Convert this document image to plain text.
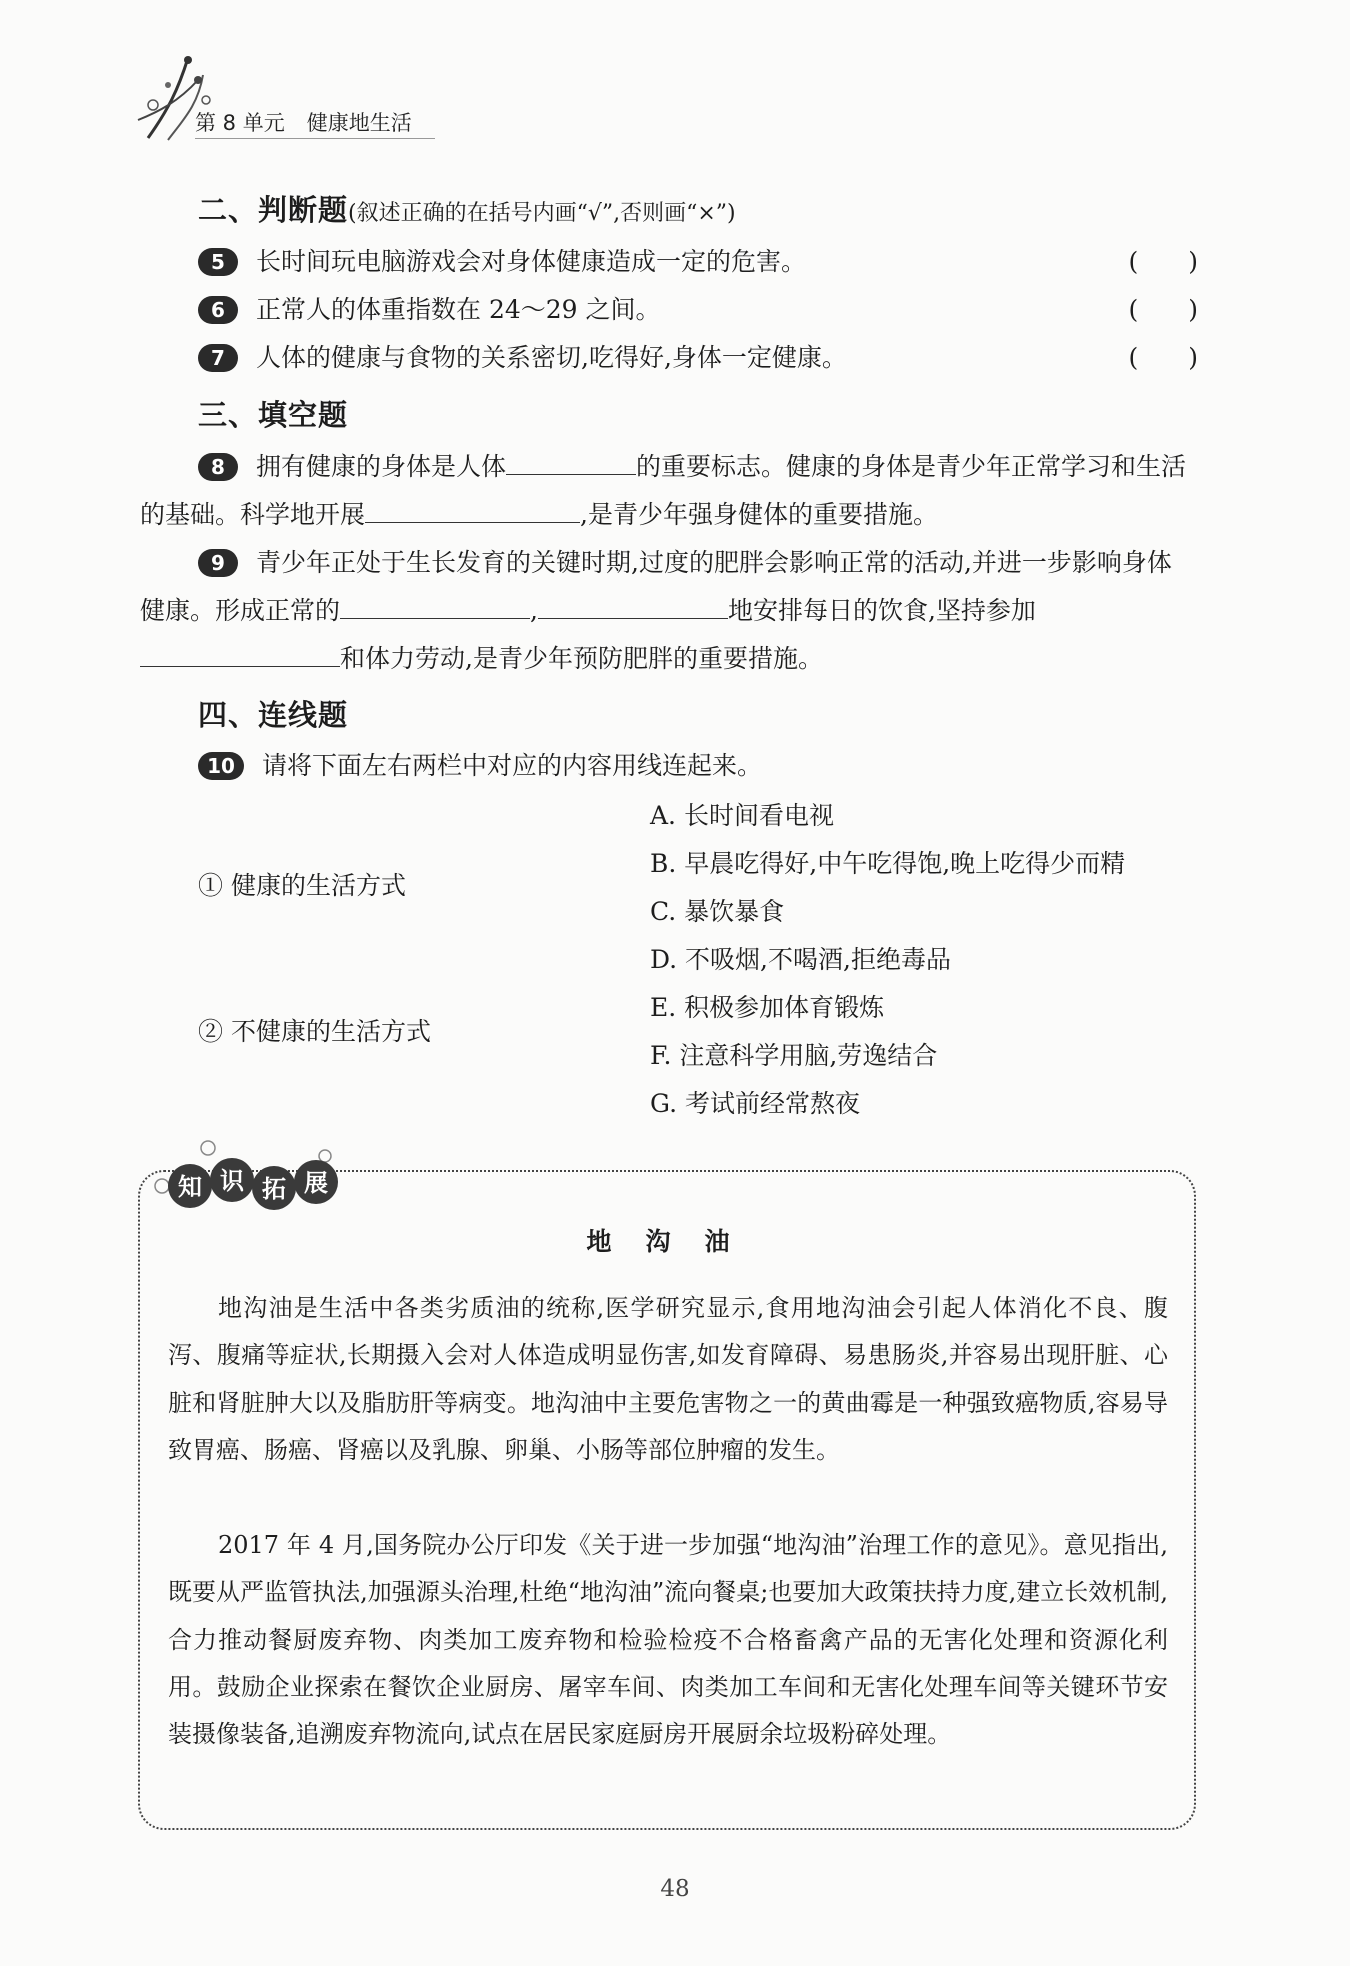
第 8 单元 健康地生活
二、判断题(叙述正确的在括号内画“√”,否则画“×”)
5 长时间玩电脑游戏会对身体健康造成一定的危害。	(　　)
6 正常人的体重指数在 24～29 之间。	(　　)
7 人体的健康与食物的关系密切,吃得好,身体一定健康。	(　　)
三、填空题
8 拥有健康的身体是人体	的重要标志。健康的身体是青少年正常学习和生活的基础。科学地开展	,是青少年强身健体的重要措施。
9 青少年正处于生长发育的关键时期,过度的肥胖会影响正常的活动,并进一步影响身体健康。形成正常的	,	地安排每日的饮食,坚持参加和体力劳动,是青少年预防肥胖的重要措施。
四、连线题
10 请将下面左右两栏中对应的内容用线连起来。
① 健康的生活方式
② 不健康的生活方式
A. 长时间看电视
B. 早晨吃得好,中午吃得饱,晚上吃得少而精
C. 暴饮暴食
D. 不吸烟,不喝酒,拒绝毒品
E. 积极参加体育锻炼
F. 注意科学用脑,劳逸结合
G. 考试前经常熬夜
知 识 拓 展
地沟油
地沟油是生活中各类劣质油的统称,医学研究显示,食用地沟油会引起人体消化不良、腹泻、腹痛等症状,长期摄入会对人体造成明显伤害,如发育障碍、易患肠炎,并容易出现肝脏、心脏和肾脏肿大以及脂肪肝等病变。地沟油中主要危害物之一的黄曲霉是一种强致癌物质,容易导致胃癌、肠癌、肾癌以及乳腺、卵巢、小肠等部位肿瘤的发生。
2017 年 4 月,国务院办公厅印发《关于进一步加强“地沟油”治理工作的意见》。意见指出,既要从严监管执法,加强源头治理,杜绝“地沟油”流向餐桌;也要加大政策扶持力度,建立长效机制,合力推动餐厨废弃物、肉类加工废弃物和检验检疫不合格畜禽产品的无害化处理和资源化利用。鼓励企业探索在餐饮企业厨房、屠宰车间、肉类加工车间和无害化处理车间等关键环节安装摄像装备,追溯废弃物流向,试点在居民家庭厨房开展厨余垃圾粉碎处理。
48
